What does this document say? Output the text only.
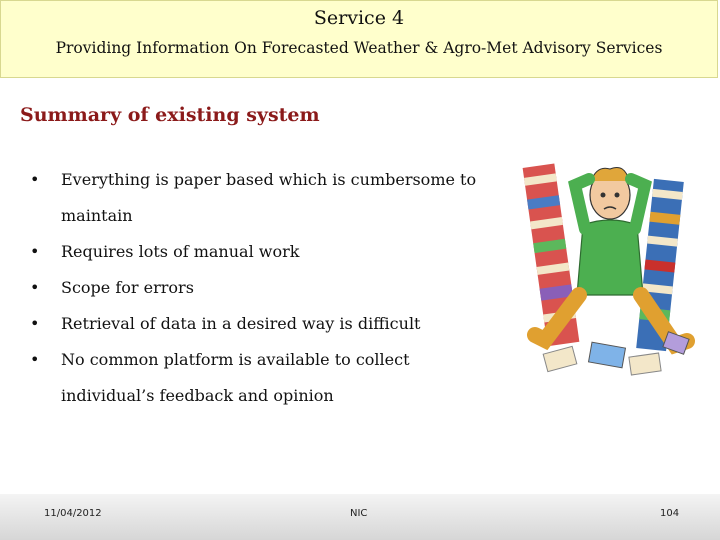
Service 4
Providing Information On Forecasted Weather & Agro-Met Advisory Services
Summary of existing system
• Everything is paper based which is cumbersome to
maintain
• Requires lots of manual work
• Scope for errors
• Retrieval of data in a desired way is difficult
• No common platform is available to collect
individual’s feedback and opinion
11/04/2012	NIC	104
